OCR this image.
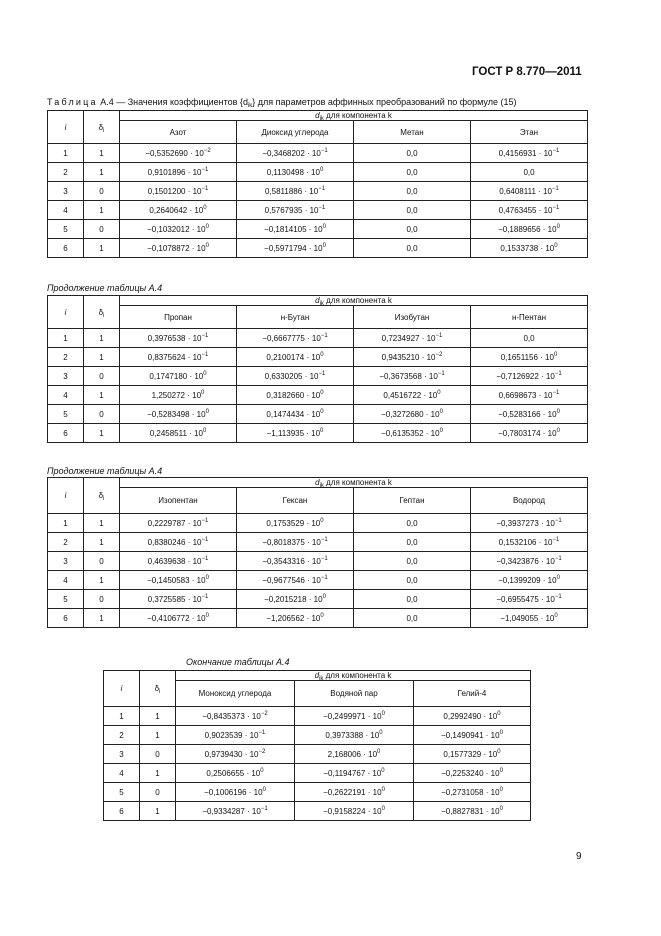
ГОСТ Р 8.770—2011
Таблица А.4 — Значения коэффициентов $\{d_{ik}\}$ для параметров аффинных преобразований по формуле (15)
Продолжение таблицы А.4
Продолжение таблицы А.4
Окончание таблицы А.4
i	$\delta_i$	$d_{ik}$ для компонента k			
		Азот	Диоксид углерода	Метан	Этан
1	1	$-0,5352690 \cdot 10^{-2}$	$-0,3468202 \cdot 10^{-1}$	0,0	$0,4156931 \cdot 10^{-1}$
2	1	$0,9101896 \cdot 10^{-1}$	$0,1130498 \cdot 10^0$	0,0	0,0
3	0	$0,1501200 \cdot 10^{-1}$	$0,5811886 \cdot 10^{-1}$	0,0	$0,6408111 \cdot 10^{-1}$
4	1	$0,2640642 \cdot 10^0$	$0,5767935 \cdot 10^{-1}$	0,0	$0,4763455 \cdot 10^{-1}$
5	0	$-0,1032012 \cdot 10^0$	$-0,1814105 \cdot 10^0$	0,0	$-0,1889656 \cdot 10^0$
6	1	$-0,1078872 \cdot 10^0$	$-0,5971794 \cdot 10^0$	0,0	$0,1533738 \cdot 10^0$
i	$\delta_i$	$d_{ik}$ для компонента k			
		Пропан	н-Бутан	Изобутан	н-Пентан
1	1	$0,3976538 \cdot 10^{-1}$	$-0,6667775 \cdot 10^{-1}$	$0,7234927 \cdot 10^{-1}$	0,0
2	1	$0,8375624 \cdot 10^{-1}$	$0,2100174 \cdot 10^0$	$0,9435210 \cdot 10^{-2}$	$0,1651156 \cdot 10^0$
3	0	$0,1747180 \cdot 10^0$	$0,6330205 \cdot 10^{-1}$	$-0,3673568 \cdot 10^{-1}$	$-0,7126922 \cdot 10^{-1}$
4	1	$1,250272 \cdot 10^0$	$0,3182660 \cdot 10^0$	$0,4516722 \cdot 10^0$	$0,6698673 \cdot 10^{-1}$
5	0	$-0,5283498 \cdot 10^0$	$0,1474434 \cdot 10^0$	$-0,3272680 \cdot 10^0$	$-0,5283166 \cdot 10^0$
6	1	$0,2458511 \cdot 10^0$	$-1,113935 \cdot 10^0$	$-0,6135352 \cdot 10^0$	$-0,7803174 \cdot 10^0$
i	$\delta_i$	$d_{ik}$ для компонента k			
		Изопентан	Гексан	Гептан	Водород
1	1	$0,2229787 \cdot 10^{-1}$	$0,1753529 \cdot 10^0$	0,0	$-0,3937273 \cdot 10^{-1}$
2	1	$0,8380246 \cdot 10^{-1}$	$-0,8018375 \cdot 10^{-1}$	0,0	$0,1532106 \cdot 10^{-1}$
3	0	$0,4639638 \cdot 10^{-1}$	$-0,3543316 \cdot 10^{-1}$	0,0	$-0,3423876 \cdot 10^{-1}$
4	1	$-0,1450583 \cdot 10^0$	$-0,9677546 \cdot 10^{-1}$	0,0	$-0,1399209 \cdot 10^0$
5	0	$0,3725585 \cdot 10^{-1}$	$-0,2015218 \cdot 10^0$	0,0	$-0,6955475 \cdot 10^{-1}$
6	1	$-0,4106772 \cdot 10^0$	$-1,206562 \cdot 10^0$	0,0	$-1,049055 \cdot 10^0$
i	$\delta_i$	$d_{ik}$ для компонента k		
		Моноксид углерода	Водяной пар	Гелий-4
1	1	$-0,8435373 \cdot 10^{-2}$	$-0,2499971 \cdot 10^0$	$0,2992490 \cdot 10^0$
2	1	$0,9023539 \cdot 10^{-1}$	$0,3973388 \cdot 10^0$	$-0,1490941 \cdot 10^0$
3	0	$0,9739430 \cdot 10^{-2}$	$2,168006 \cdot 10^0$	$0,1577329 \cdot 10^0$
4	1	$0,2506655 \cdot 10^0$	$-0,1194767 \cdot 10^0$	$-0,2253240 \cdot 10^0$
5	0	$-0,1006196 \cdot 10^0$	$-0,2622191 \cdot 10^0$	$-0,2731058 \cdot 10^0$
6	1	$-0,9334287 \cdot 10^{-1}$	$-0,9158224 \cdot 10^0$	$-0,8827831 \cdot 10^0$
9
